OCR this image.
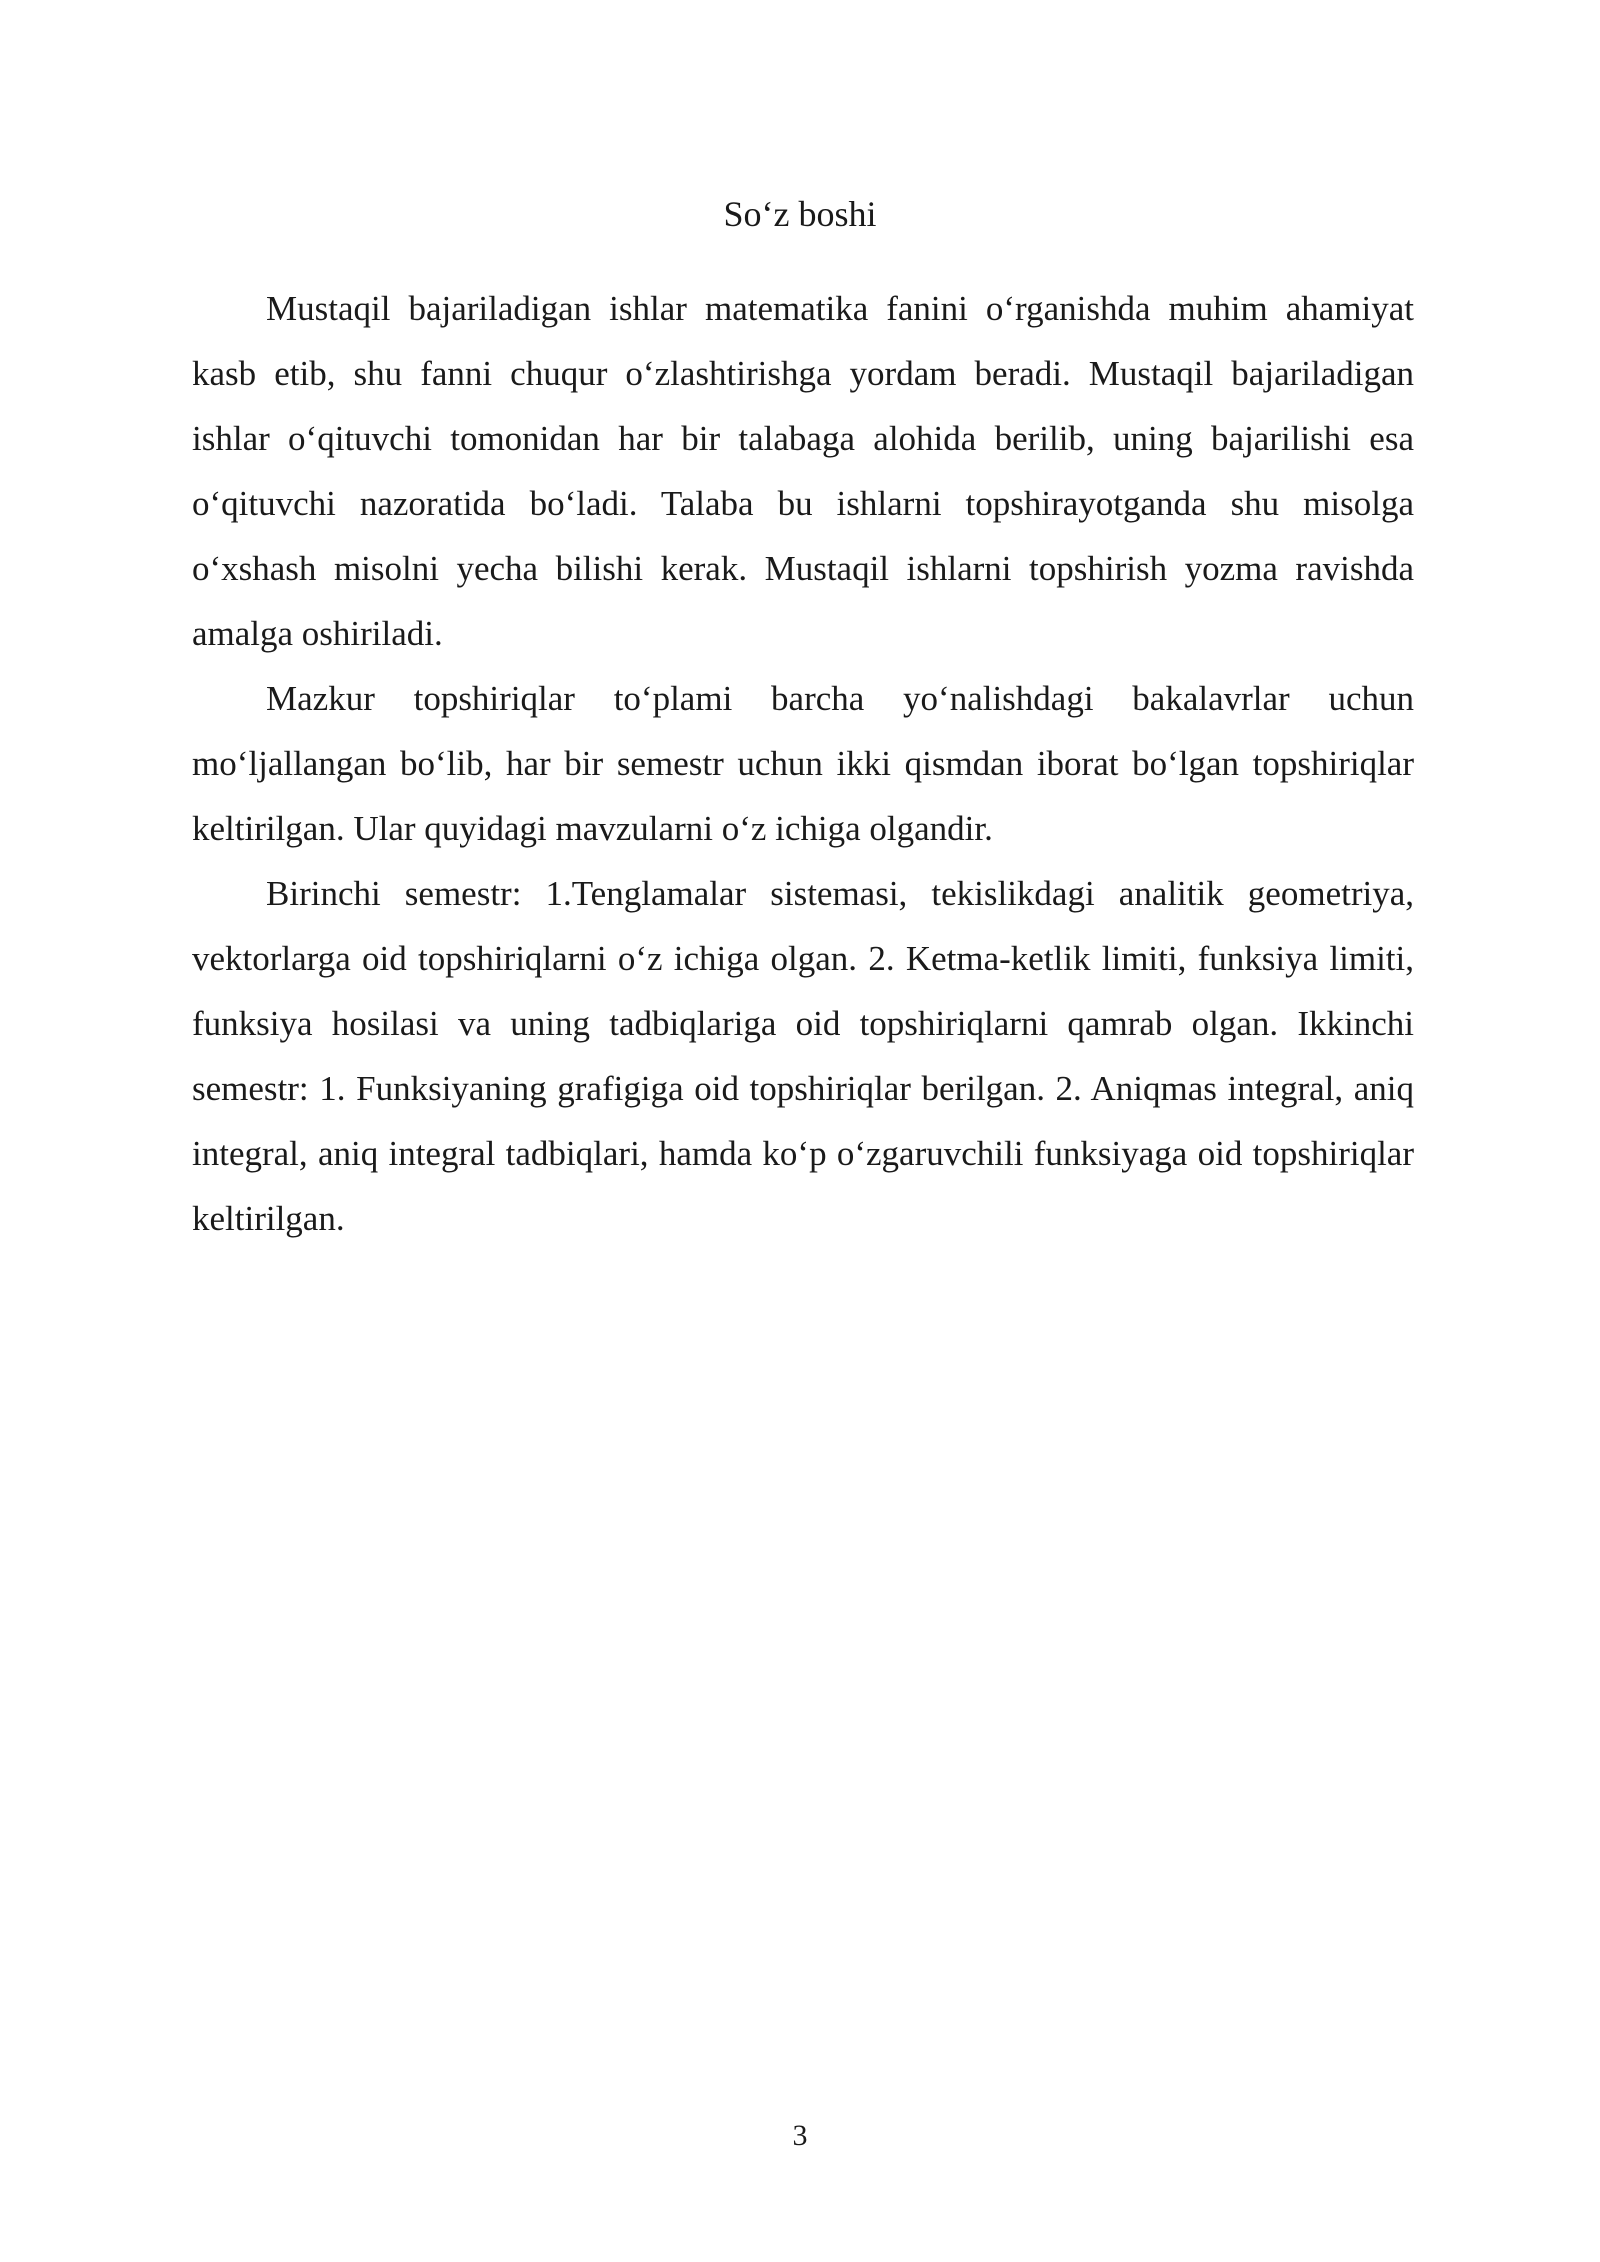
So‘z boshi

Mustaqil bajariladigan ishlar matematika fanini o‘rganishda muhim ahamiyat kasb etib, shu fanni chuqur o‘zlashtirishga yordam beradi. Mustaqil bajariladigan ishlar o‘qituvchi tomonidan har bir talabaga alohida berilib, uning bajarilishi esa o‘qituvchi nazoratida bo‘ladi. Talaba bu ishlarni topshirayotganda shu misolga o‘xshash misolni yecha bilishi kerak. Mustaqil ishlarni topshirish yozma ravishda amalga oshiriladi.

Mazkur topshiriqlar to‘plami barcha yo‘nalishdagi bakalavrlar uchun mo‘ljallangan bo‘lib, har bir semestr uchun ikki qismdan iborat bo‘lgan topshiriqlar keltirilgan. Ular quyidagi mavzularni o‘z ichiga olgandir.

Birinchi semestr: 1.Tenglamalar sistemasi, tekislikdagi analitik geometriya, vektorlarga oid topshiriqlarni o‘z ichiga olgan. 2. Ketma-ketlik limiti, funksiya limiti, funksiya hosilasi va uning tadbiqlariga oid topshiriqlarni qamrab olgan. Ikkinchi semestr: 1. Funksiyaning grafigiga oid topshiriqlar berilgan. 2. Aniqmas integral, aniq integral, aniq integral tadbiqlari, hamda ko‘p o‘zgaruvchili funksiyaga oid topshiriqlar keltirilgan.

3
